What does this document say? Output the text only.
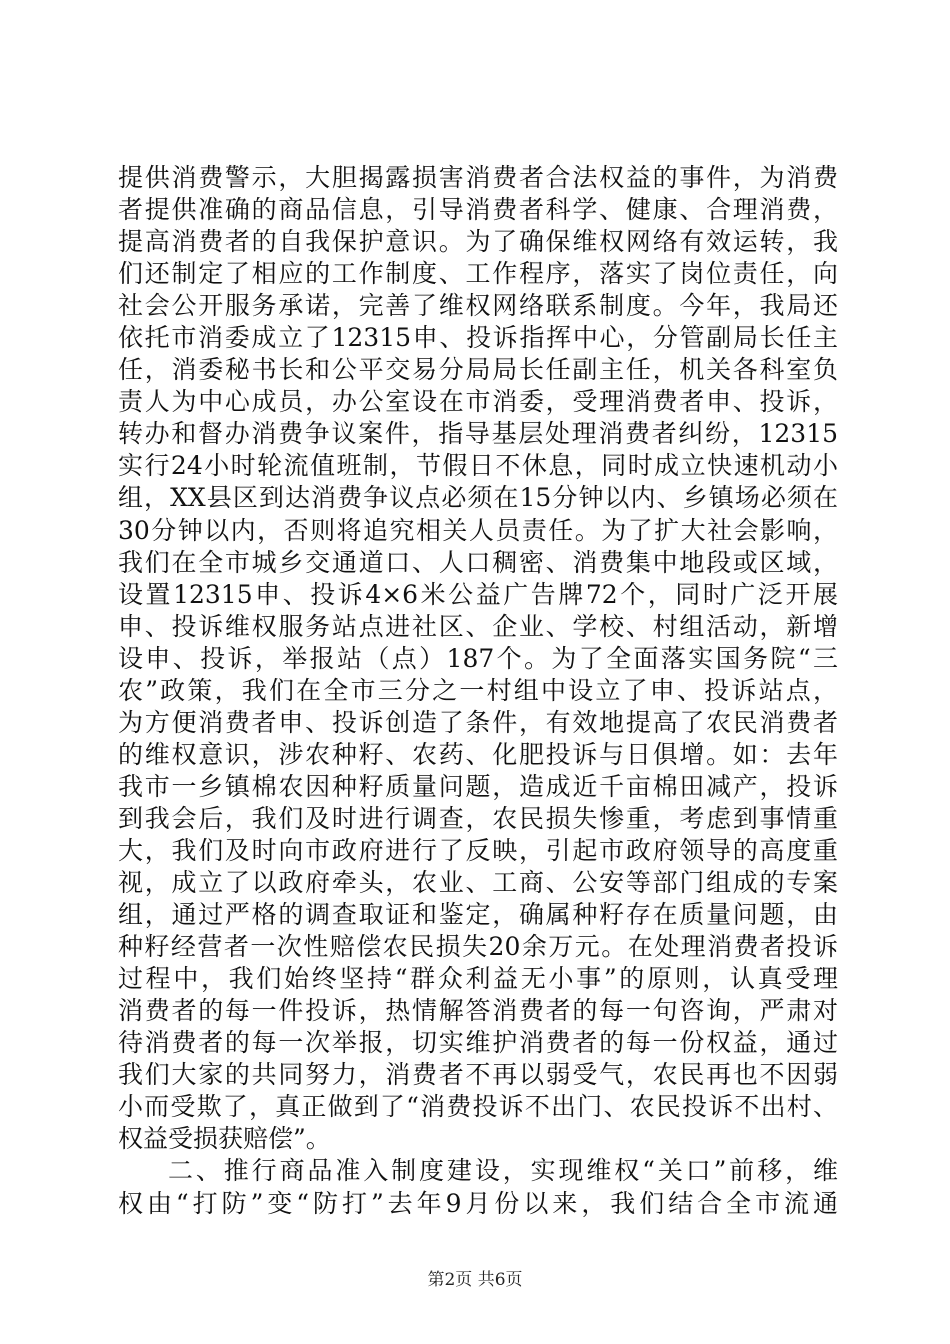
提供消费警示，大胆揭露损害消费者合法权益的事件，为消费
者提供准确的商品信息，引导消费者科学、健康、合理消费，
提高消费者的自我保护意识。为了确保维权网络有效运转，我
们还制定了相应的工作制度、工作程序，落实了岗位责任，向
社会公开服务承诺，完善了维权网络联系制度。今年，我局还
依托市消委成立了12315申、投诉指挥中心，分管副局长任主
任，消委秘书长和公平交易分局局长任副主任，机关各科室负
责人为中心成员，办公室设在市消委，受理消费者申、投诉，
转办和督办消费争议案件，指导基层处理消费者纠纷，12315
实行24小时轮流值班制，节假日不休息，同时成立快速机动小
组，XX县区到达消费争议点必须在15分钟以内、乡镇场必须在
30分钟以内，否则将追究相关人员责任。为了扩大社会影响，
我们在全市城乡交通道口、人口稠密、消费集中地段或区域，
设置12315申、投诉4×6米公益广告牌72个，同时广泛开展
申、投诉维权服务站点进社区、企业、学校、村组活动，新增
设申、投诉，举报站（点）187个。为了全面落实国务院“三
农”政策，我们在全市三分之一村组中设立了申、投诉站点，
为方便消费者申、投诉创造了条件，有效地提高了农民消费者
的维权意识，涉农种籽、农药、化肥投诉与日俱增。如：去年
我市一乡镇棉农因种籽质量问题，造成近千亩棉田减产，投诉
到我会后，我们及时进行调查，农民损失惨重，考虑到事情重
大，我们及时向市政府进行了反映，引起市政府领导的高度重
视，成立了以政府牵头，农业、工商、公安等部门组成的专案
组，通过严格的调查取证和鉴定，确属种籽存在质量问题，由
种籽经营者一次性赔偿农民损失20余万元。在处理消费者投诉
过程中，我们始终坚持“群众利益无小事”的原则，认真受理
消费者的每一件投诉，热情解答消费者的每一句咨询，严肃对
待消费者的每一次举报，切实维护消费者的每一份权益，通过
我们大家的共同努力，消费者不再以弱受气，农民再也不因弱
小而受欺了，真正做到了“消费投诉不出门、农民投诉不出村、
权益受损获赔偿”。
二、推行商品准入制度建设，实现维权“关口”前移，维
权由“打防”变“防打”去年9月份以来，我们结合全市流通
第2页 共6页
